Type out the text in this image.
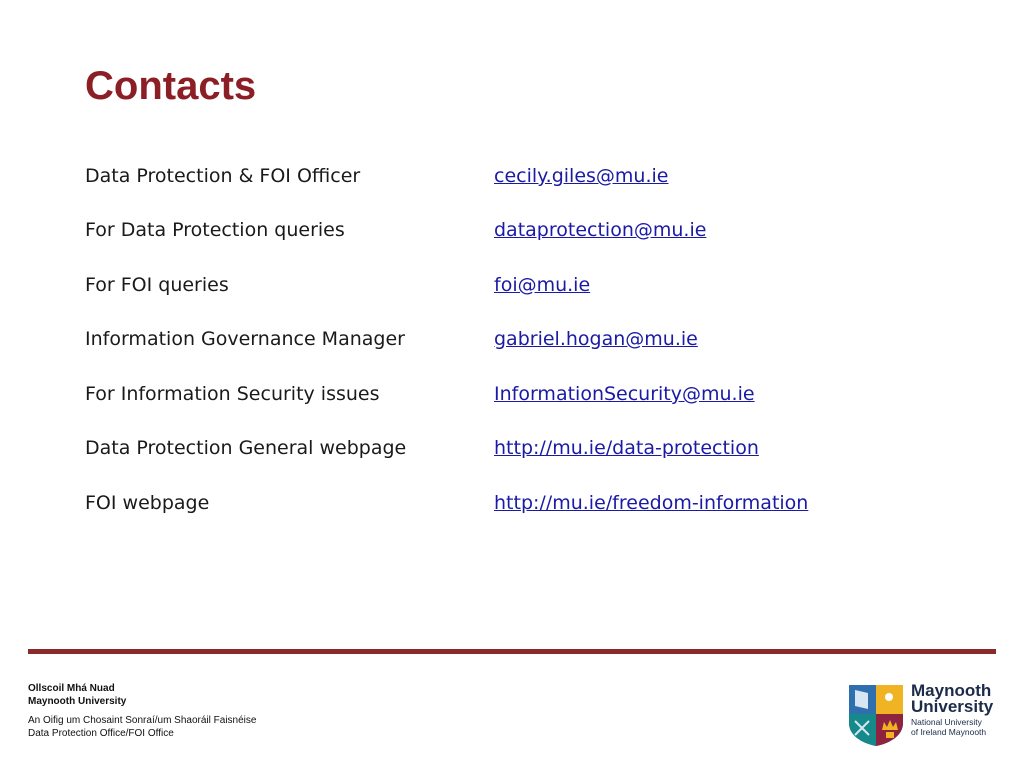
Contacts
Data Protection & FOI Officer	cecily.giles@mu.ie
For Data Protection queries	dataprotection@mu.ie
For FOI queries	foi@mu.ie
Information Governance Manager	gabriel.hogan@mu.ie
For Information Security issues	InformationSecurity@mu.ie
Data Protection General webpage	http://mu.ie/data-protection
FOI webpage	http://mu.ie/freedom-information
Ollscoil Mhá Nuad
Maynooth University
An Oifig um Chosaint Sonraí/um Shaoráil Faisnéise
Data Protection Office/FOI Office
Maynooth
University
National University
of Ireland Maynooth
